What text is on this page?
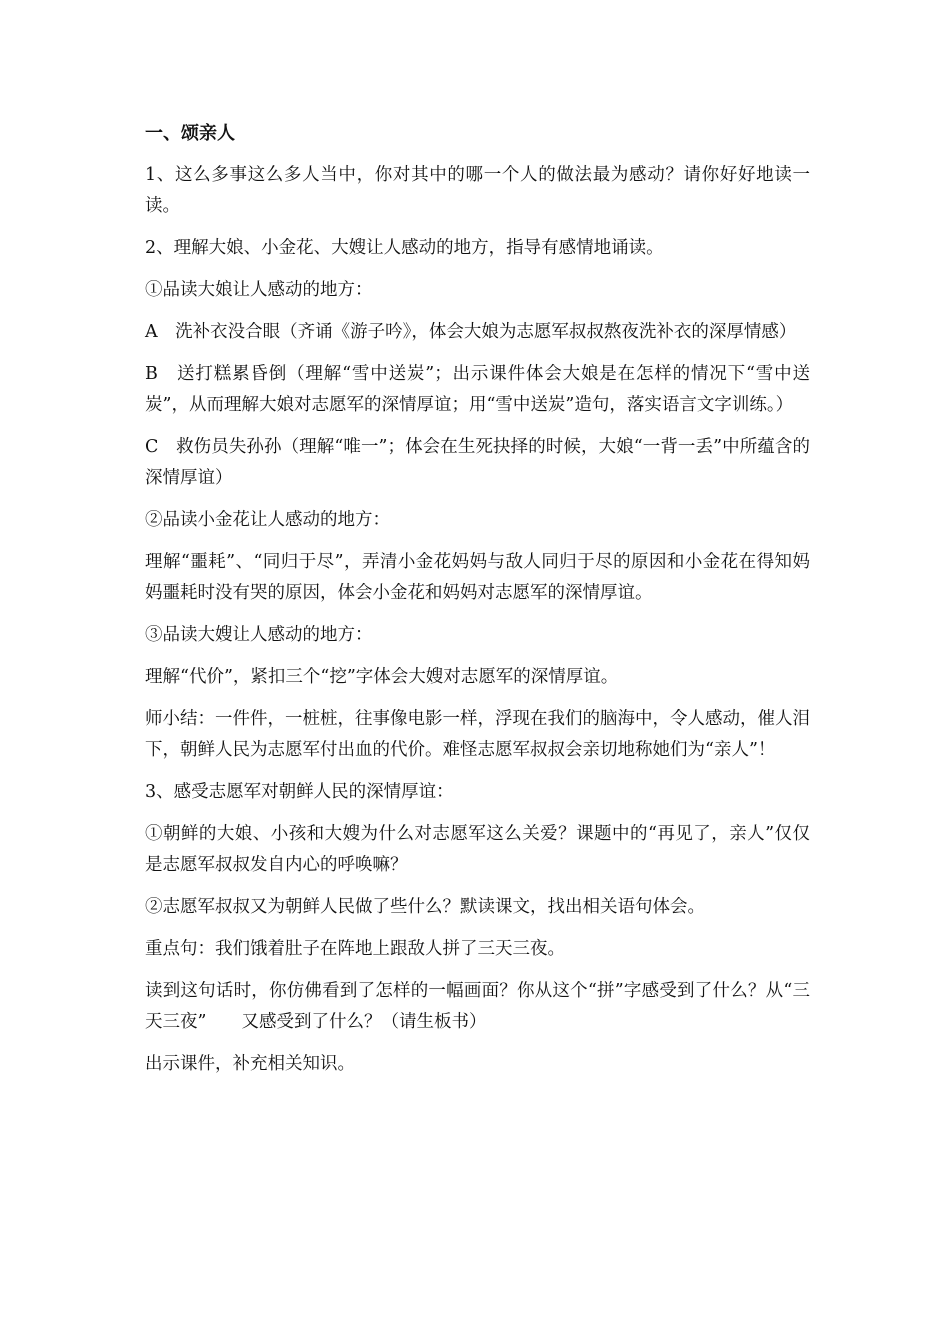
一、颂亲人

1、这么多事这么多人当中，你对其中的哪一个人的做法最为感动？请你好好地读一读。

2、理解大娘、小金花、大嫂让人感动的地方，指导有感情地诵读。

①品读大娘让人感动的地方：

A　洗补衣没合眼（齐诵《游子吟》，体会大娘为志愿军叔叔熬夜洗补衣的深厚情感）

B　送打糕累昏倒（理解“雪中送炭”；出示课件体会大娘是在怎样的情况下“雪中送炭”，从而理解大娘对志愿军的深情厚谊；用“雪中送炭”造句，落实语言文字训练。）

C　救伤员失孙孙（理解“唯一”；体会在生死抉择的时候，大娘“一背一丢”中所蕴含的深情厚谊）

②品读小金花让人感动的地方：

理解“噩耗”、“同归于尽”，弄清小金花妈妈与敌人同归于尽的原因和小金花在得知妈妈噩耗时没有哭的原因，体会小金花和妈妈对志愿军的深情厚谊。

③品读大嫂让人感动的地方：

理解“代价”，紧扣三个“挖”字体会大嫂对志愿军的深情厚谊。

师小结：一件件，一桩桩，往事像电影一样，浮现在我们的脑海中，令人感动，催人泪下，朝鲜人民为志愿军付出血的代价。难怪志愿军叔叔会亲切地称她们为“亲人”！

3、感受志愿军对朝鲜人民的深情厚谊：

①朝鲜的大娘、小孩和大嫂为什么对志愿军这么关爱？课题中的“再见了，亲人”仅仅是志愿军叔叔发自内心的呼唤嘛？

②志愿军叔叔又为朝鲜人民做了些什么？默读课文，找出相关语句体会。

重点句：我们饿着肚子在阵地上跟敌人拼了三天三夜。

读到这句话时，你仿佛看到了怎样的一幅画面？你从这个“拼”字感受到了什么？从“三天三夜”　　又感受到了什么？（请生板书）

出示课件，补充相关知识。
